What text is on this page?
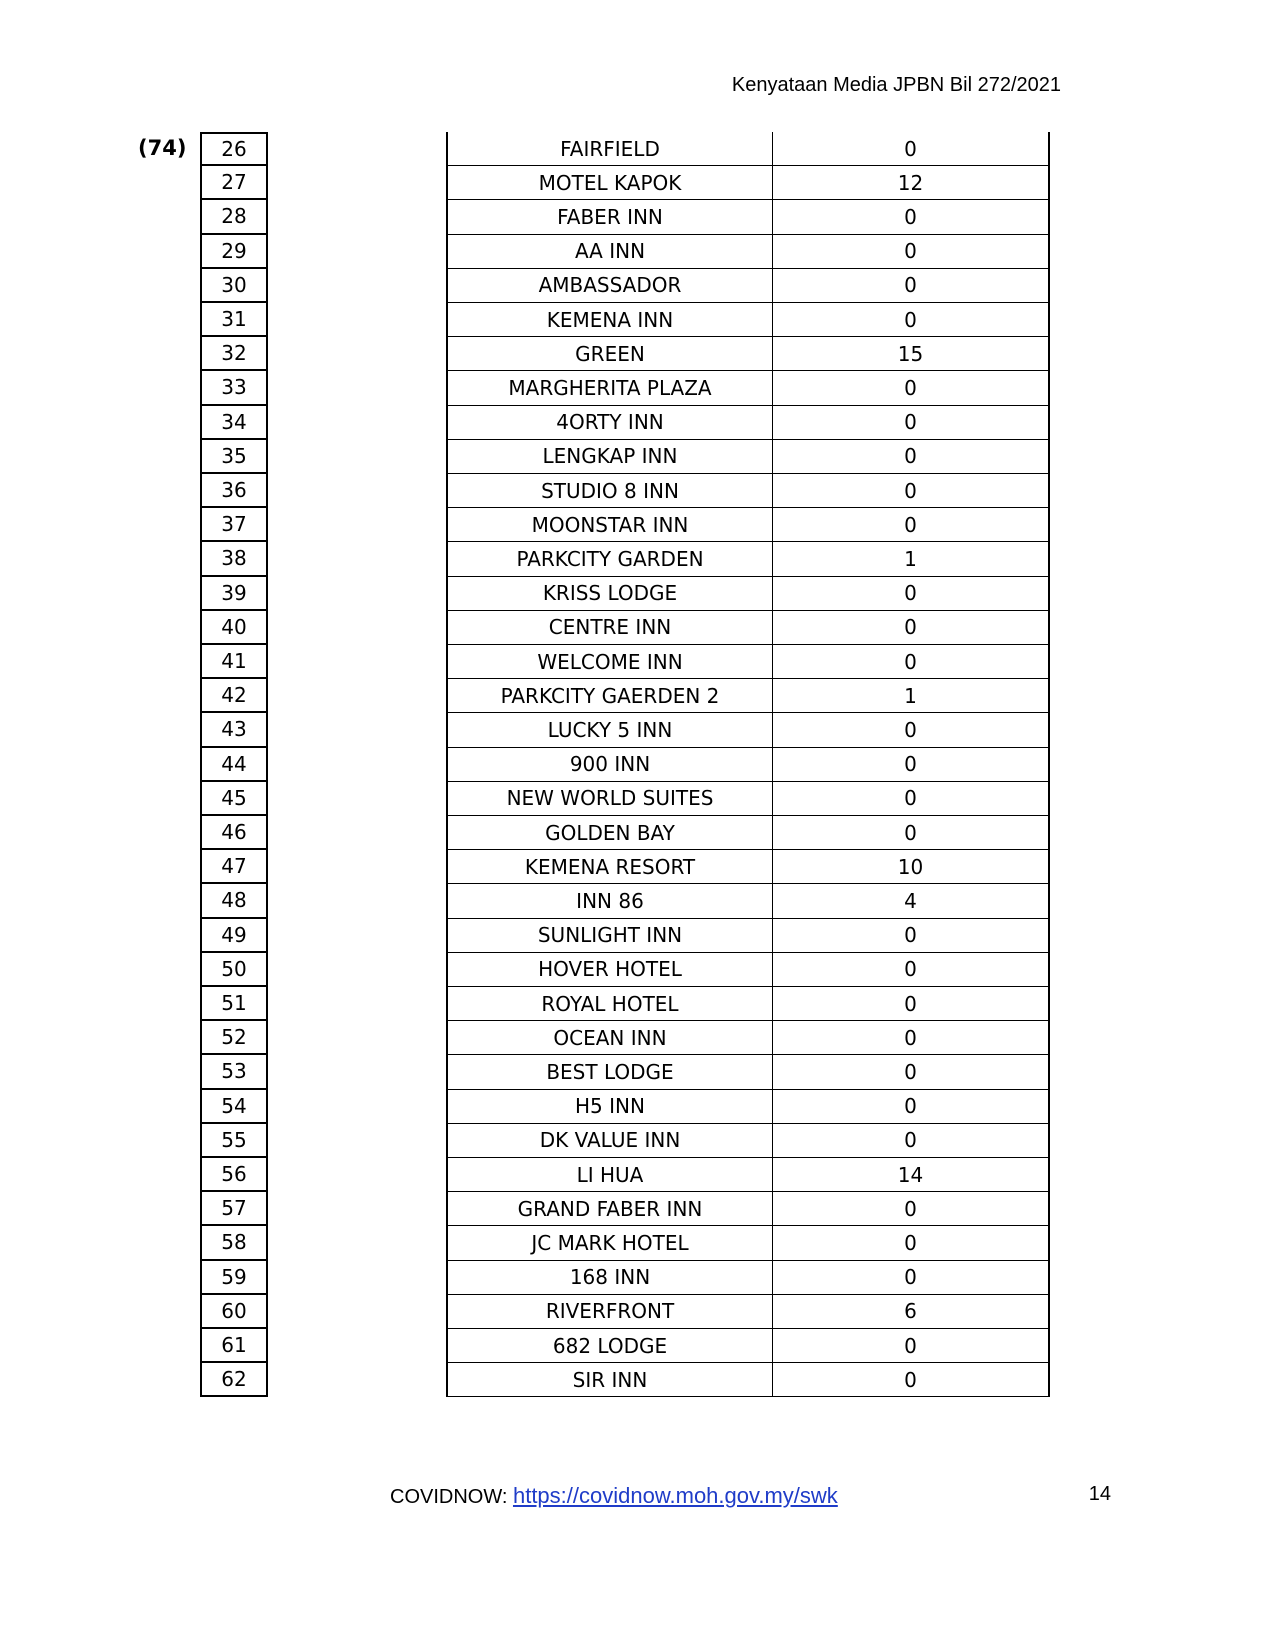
Kenyataan Media JPBN Bil 272/2021
(74)	26	FAIRFIELD	0
27	MOTEL KAPOK	12
28	FABER INN	0
29	AA INN	0
30	AMBASSADOR	0
31	KEMENA INN	0
32	GREEN	15
33	MARGHERITA PLAZA	0
34	4ORTY INN	0
35	LENGKAP INN	0
36	STUDIO 8 INN	0
37	MOONSTAR INN	0
38	PARKCITY GARDEN	1
39	KRISS LODGE	0
40	CENTRE INN	0
41	WELCOME INN	0
42	PARKCITY GAERDEN 2	1
43	LUCKY 5 INN	0
44	900 INN	0
45	NEW WORLD SUITES	0
46	GOLDEN BAY	0
47	KEMENA RESORT	10
48	INN 86	4
49	SUNLIGHT INN	0
50	HOVER HOTEL	0
51	ROYAL HOTEL	0
52	OCEAN INN	0
53	BEST LODGE	0
54	H5 INN	0
55	DK VALUE INN	0
56	LI HUA	14
57	GRAND FABER INN	0
58	JC MARK HOTEL	0
59	168 INN	0
60	RIVERFRONT	6
61	682 LODGE	0
62	SIR INN	0
COVIDNOW: https://covidnow.moh.gov.my/swk	14
